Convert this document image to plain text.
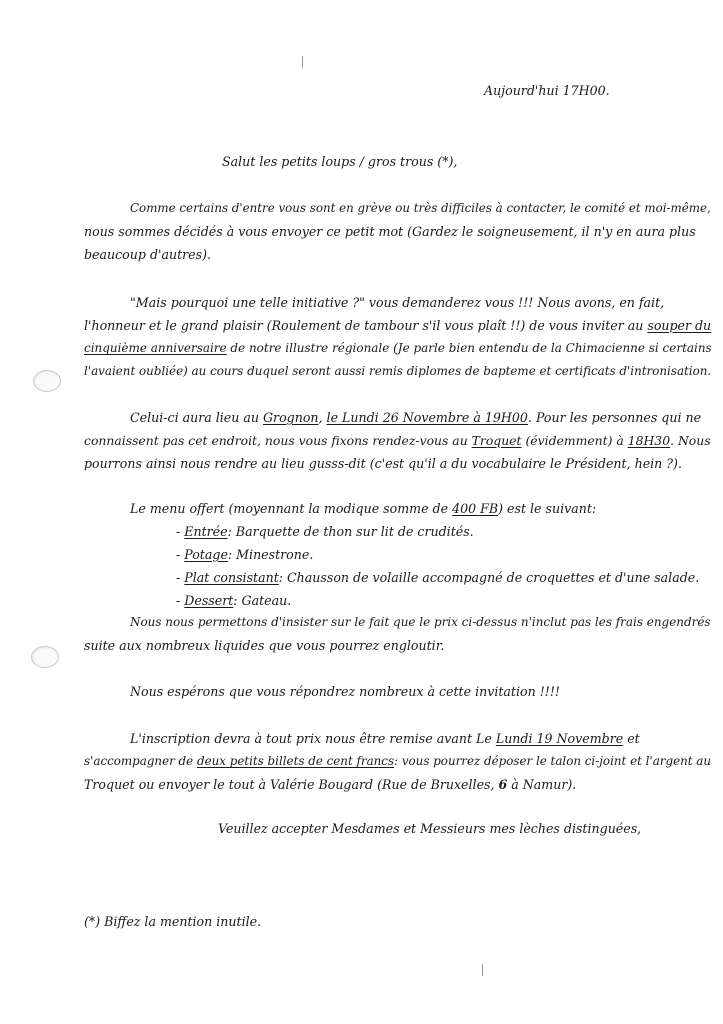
Aujourd'hui 17H00.
Salut les petits loups / gros trous (*),
Comme certains d'entre vous sont en grève ou très difficiles à contacter, le comité et moi-même,
nous sommes décidés à vous envoyer ce petit mot (Gardez le soigneusement, il n'y en aura plus
beaucoup d'autres).
"Mais pourquoi une telle initiative ?" vous demanderez vous !!! Nous avons, en fait,
l'honneur et le grand plaisir (Roulement de tambour s'il vous plaît !!) de vous inviter au souper du
cinquième anniversaire de notre illustre régionale (Je parle bien entendu de la Chimacienne si certains
l'avaient oubliée) au cours duquel seront aussi remis diplomes de bapteme et certificats d'intronisation.
Celui-ci aura lieu au Grognon, le Lundi 26 Novembre à 19H00. Pour les personnes qui ne
connaissent pas cet endroit, nous vous fixons rendez-vous au Troquet (évidemment) à 18H30. Nous
pourrons ainsi nous rendre au lieu gusss-dit (c'est qu'il a du vocabulaire le Président, hein ?).
Le menu offert (moyennant la modique somme de 400 FB) est le suivant:
- Entrée: Barquette de thon sur lit de crudités.
- Potage: Minestrone.
- Plat consistant: Chausson de volaille accompagné de croquettes et d'une salade.
- Dessert: Gateau.
Nous nous permettons d'insister sur le fait que le prix ci-dessus n'inclut pas les frais engendrés
suite aux nombreux liquides que vous pourrez engloutir.
Nous espérons que vous répondrez nombreux à cette invitation !!!!
L'inscription devra à tout prix nous être remise avant Le Lundi 19 Novembre et
s'accompagner de deux petits billets de cent francs: vous pourrez déposer le talon ci-joint et l'argent au
Troquet ou envoyer le tout à Valérie Bougard (Rue de Bruxelles, 6 à Namur).
Veuillez accepter Mesdames et Messieurs mes lèches distinguées,
(*) Biffez la mention inutile.
